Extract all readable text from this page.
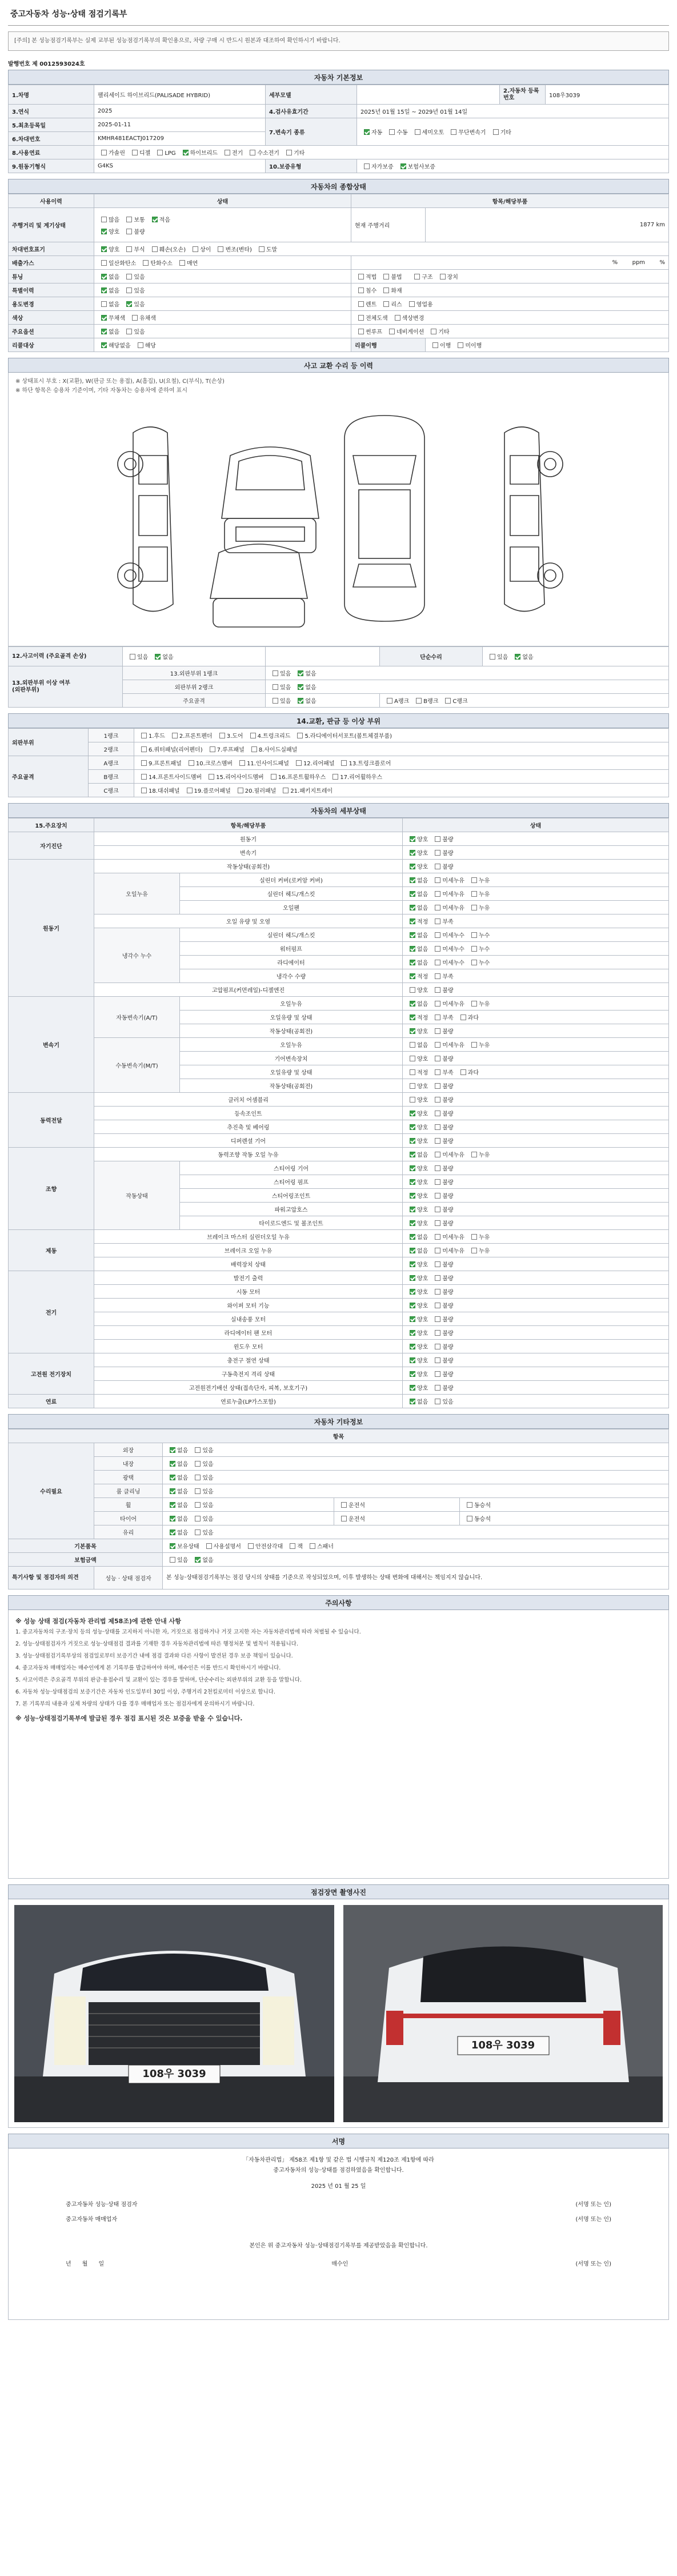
중고자동차 성능·상태 점검기록부
[주의] 본 성능점검기록부는 실제 교부된 성능점검기록부의 확인용으로, 차량 구매 시 반드시 원본과 대조하여 확인하시기 바랍니다.
발행번호 제 0012593024호
자동차 기본정보
1.차명	팰리세이드 하이브리드(PALISADE HYBRID)	세부모델		2.자동차 등록번호	108우3039
3.연식	2025	4.검사유효기간	2025년 01월 15일 ~ 2029년 01월 14일		
5.최초등록일	2025-01-11	7.변속기 종류	자동 수동 세미오토 무단변속기 기타		
6.차대번호	KMHR481EACTJ017209				
8.사용연료	가솔린 디젤 LPG 하이브리드 전기 수소전기 기타				
9.원동기형식	G4KS	10.보증유형	자가보증 보험사보증		
자동차의 종합상태
사용이력	상태	항목/해당부품	
주행거리 및 계기상태	많음 보통 적음
양호 불량	현재 주행거리	1877 km
차대번호표기	양호 부식 훼손(오손) 상이 변조(변타) 도말		
배출가스	일산화탄소 탄화수소 매연	% ppm %	
튜닝	없음 있음	적법 불법 구조 장치	
특별이력	없음 있음	침수 화재	
용도변경	없음 있음	렌트 리스 영업용	
색상	무채색 유채색	전체도색 색상변경	
주요옵션	없음 있음	썬루프 네비게이션 기타	
리콜대상	해당없음 해당	리콜이행	이행 미이행
사고 교환 수리 등 이력
※ 상태표시 부호 : X(교환), W(판금 또는 용접), A(흠집), U(요철), C(부식), T(손상)
※ 하단 항목은 승용차 기준이며, 기타 자동차는 승용차에 준하여 표시
12.사고이력 (주요골격 손상)	있음 없음		단순수리	있음 없음
13.외판부위 이상 여부
(외판부위)	13.외판부위 1랭크	있음 없음		
	외판부위 2랭크	있음 없음		
	주요골격	있음 없음	A랭크 B랭크 C랭크	
14.교환, 판금 등 이상 부위
외판부위	1랭크	1.후드 2.프론트펜더 3.도어 4.트렁크리드 5.라디에이터서포트(볼트체결부품)
	2랭크	6.쿼터패널(리어펜더) 7.루프패널 8.사이드실패널
주요골격	A랭크	9.프론트패널 10.크로스멤버 11.인사이드패널 12.리어패널 13.트렁크플로어
	B랭크	14.프론트사이드멤버 15.리어사이드멤버 16.프론트휠하우스 17.리어휠하우스
	C랭크	18.대쉬패널 19.플로어패널 20.필러패널 21.패키지트레이
자동차의 세부상태
15.주요장치	항목/해당부품		상태
자기진단	원동기		양호 불량
	변속기		양호 불량
원동기	작동상태(공회전)		양호 불량
	오일누유	실린더 커버(로커암 커버)	없음 미세누유 누유
		실린더 헤드/개스킷	없음 미세누유 누유
		오일팬	없음 미세누유 누유
	오일 유량 및 오염		적정 부족
	냉각수 누수	실린더 헤드/개스킷	없음 미세누수 누수
		워터펌프	없음 미세누수 누수
		라디에이터	없음 미세누수 누수
		냉각수 수량	적정 부족
	고압펌프(커먼레일)-디젤엔진		양호 불량
변속기	자동변속기(A/T)	오일누유	없음 미세누유 누유
		오일유량 및 상태	적정 부족 과다
		작동상태(공회전)	양호 불량
	수동변속기(M/T)	오일누유	없음 미세누유 누유
		기어변속장치	양호 불량
		오일유량 및 상태	적정 부족 과다
		작동상태(공회전)	양호 불량
동력전달	클러치 어셈블리		양호 불량
	등속조인트		양호 불량
	추진축 및 베어링		양호 불량
	디퍼렌셜 기어		양호 불량
조향	동력조향 작동 오일 누유		없음 미세누유 누유
	작동상태	스티어링 기어	양호 불량
		스티어링 펌프	양호 불량
		스티어링조인트	양호 불량
		파워고압호스	양호 불량
		타이로드엔드 및 볼조인트	양호 불량
제동	브레이크 마스터 실린더오일 누유		없음 미세누유 누유
	브레이크 오일 누유		없음 미세누유 누유
	배력장치 상태		양호 불량
전기	발전기 출력		양호 불량
	시동 모터		양호 불량
	와이퍼 모터 기능		양호 불량
	실내송풍 모터		양호 불량
	라디에이터 팬 모터		양호 불량
	윈도우 모터		양호 불량
고전원 전기장치	충전구 절연 상태		양호 불량
	구동축전지 격리 상태		양호 불량
	고전원전기배선 상태(접속단자, 피복, 보호기구)		양호 불량
연료	연료누출(LP가스포함)		없음 있음
자동차 기타정보
항목				
수리필요	외장	없음 있음		
	내장	없음 있음		
	광택	없음 있음		
	룸 클리닝	없음 있음		
	휠	없음 있음	운전석	동승석
	타이어	없음 있음	운전석	동승석
	유리	없음 있음		
기본품목		보유상태 사용설명서 안전삼각대 잭 스패너		
보험금액		있음 없음		
특기사항 및 점검자의 의견	성능 · 상태 점검자	본 성능·상태점검기록부는 점검 당시의 상태를 기준으로 작성되었으며, 이후 발생하는 상태 변화에 대해서는 책임지지 않습니다.		
주의사항
※ 성능 상태 점검(자동차 관리법 제58조)에 관한 안내 사항
1. 중고자동차의 구조·장치 등의 성능·상태를 고지하지 아니한 자, 거짓으로 점검하거나 거짓 고지한 자는 자동차관리법에 따라 처벌될 수 있습니다.
2. 성능·상태점검자가 거짓으로 성능·상태점검 결과를 기재한 경우 자동차관리법에 따른 행정처분 및 벌칙이 적용됩니다.
3. 성능·상태점검기록부상의 점검일로부터 보증기간 내에 점검 결과와 다른 사항이 발견된 경우 보증 책임이 있습니다.
4. 중고자동차 매매업자는 매수인에게 본 기록부를 발급하여야 하며, 매수인은 이를 반드시 확인하시기 바랍니다.
5. 사고이력은 주요골격 부위의 판금·용접수리 및 교환이 있는 경우를 말하며, 단순수리는 외판부위의 교환 등을 말합니다.
6. 자동차 성능·상태점검의 보증기간은 자동차 인도일부터 30일 이상, 주행거리 2천킬로미터 이상으로 합니다.
7. 본 기록부의 내용과 실제 차량의 상태가 다를 경우 매매업자 또는 점검자에게 문의하시기 바랍니다.
※ 성능·상태점검기록부에 발급된 경우 점검 표시된 것은 보증을 받을 수 있습니다.
점검장면 촬영사진
108우 3039
108우 3039
서명
「자동차관리법」 제58조 제1항 및 같은 법 시행규칙 제120조 제1항에 따라
중고자동차의 성능·상태를 점검하였음을 확인합니다.
2025 년 01 월 25 일
중고자동차 성능·상태 점검자	(서명 또는 인)
중고자동차 매매업자	(서명 또는 인)
본인은 위 중고자동차 성능·상태점검기록부를 제공받았음을 확인합니다.
년 월 일	매수인	(서명 또는 인)
